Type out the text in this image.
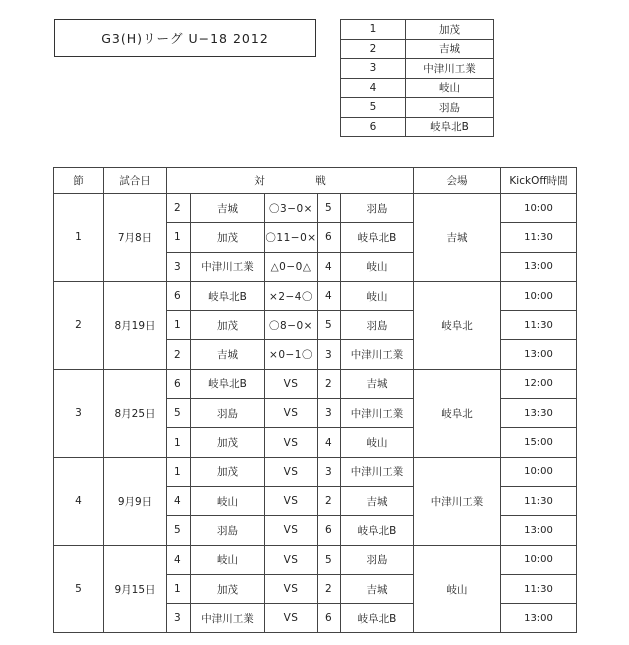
G3(H)リーグ U−18 2012
1	加茂
2	吉城
3	中津川工業
4	岐山
5	羽島
6	岐阜北B
節	試合日	対　戦					会場	KickOff時間
1	7月8日	2	吉城	〇3−0×	5	羽島	吉城	10:00
		1	加茂	〇11−0×	6	岐阜北B		11:30
		3	中津川工業	△0−0△	4	岐山		13:00
2	8月19日	6	岐阜北B	×2−4〇	4	岐山	岐阜北	10:00
		1	加茂	〇8−0×	5	羽島		11:30
		2	吉城	×0−1〇	3	中津川工業		13:00
3	8月25日	6	岐阜北B	VS	2	吉城	岐阜北	12:00
		5	羽島	VS	3	中津川工業		13:30
		1	加茂	VS	4	岐山		15:00
4	9月9日	1	加茂	VS	3	中津川工業	中津川工業	10:00
		4	岐山	VS	2	吉城		11:30
		5	羽島	VS	6	岐阜北B		13:00
5	9月15日	4	岐山	VS	5	羽島	岐山	10:00
		1	加茂	VS	2	吉城		11:30
		3	中津川工業	VS	6	岐阜北B		13:00
